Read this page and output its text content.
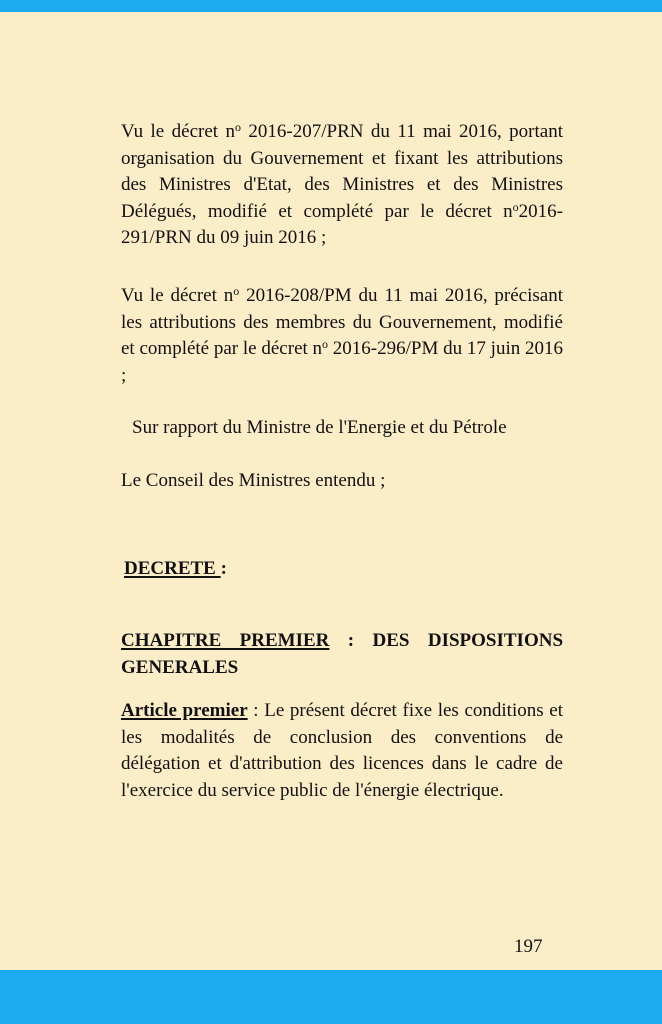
Vu le décret $n^o$ 2016-207/PRN du 11 mai 2016, portant organisation du Gouvernement et fixant les attributions des Ministres d'Etat, des Ministres et des Ministres Délégués, modifié et complété par le décret $n^o2016-291$/PRN du 09 juin 2016 ;
Vu le décret $n^o$ 2016-208/PM du 11 mai 2016, précisant les attributions des membres du Gouvernement, modifié et complété par le décret $n^o$ 2016-296/PM du 17 juin 2016 ;
Sur rapport du Ministre de l'Energie et du Pétrole
Le Conseil des Ministres entendu ;
DECRETE :
CHAPITRE PREMIER : DES DISPOSITIONS GENERALES
Article premier : Le présent décret fixe les conditions et les modalités de conclusion des conventions de délégation et d'attribution des licences dans le cadre de l'exercice du service public de l'énergie électrique.
197
